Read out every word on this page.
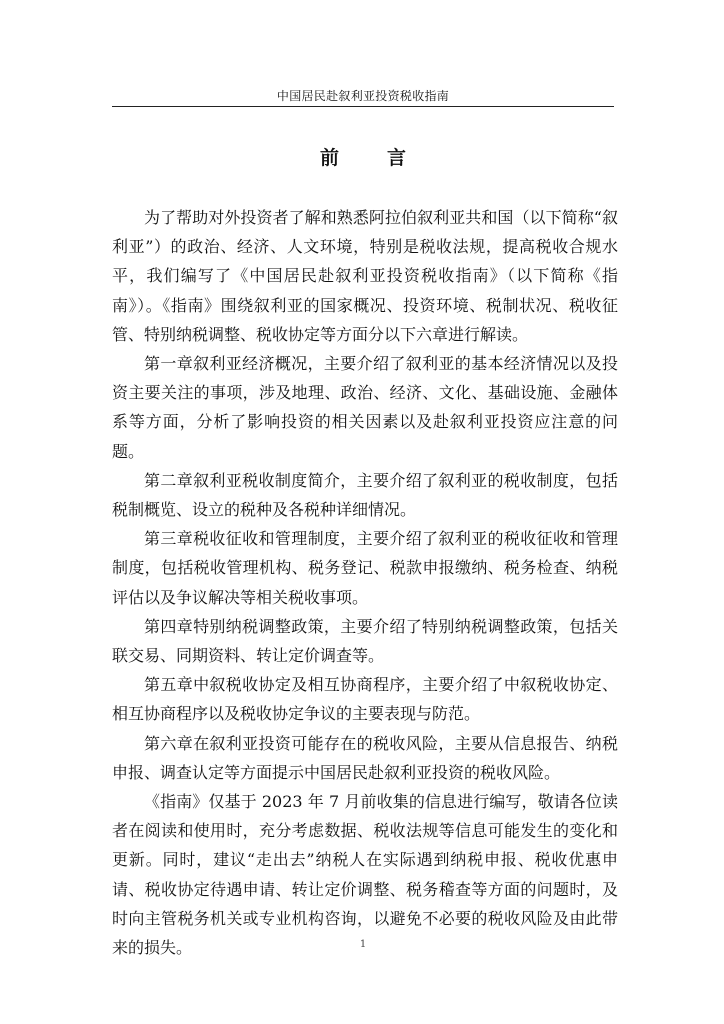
中国居民赴叙利亚投资税收指南
前言

为了帮助对外投资者了解和熟悉阿拉伯叙利亚共和国（以下简称“叙利亚”）的政治、经济、人文环境，特别是税收法规，提高税收合规水平，我们编写了《中国居民赴叙利亚投资税收指南》（以下简称《指南》）。《指南》围绕叙利亚的国家概况、投资环境、税制状况、税收征管、特别纳税调整、税收协定等方面分以下六章进行解读。

第一章叙利亚经济概况，主要介绍了叙利亚的基本经济情况以及投资主要关注的事项，涉及地理、政治、经济、文化、基础设施、金融体系等方面，分析了影响投资的相关因素以及赴叙利亚投资应注意的问题。

第二章叙利亚税收制度简介，主要介绍了叙利亚的税收制度，包括税制概览、设立的税种及各税种详细情况。

第三章税收征收和管理制度，主要介绍了叙利亚的税收征收和管理制度，包括税收管理机构、税务登记、税款申报缴纳、税务检查、纳税评估以及争议解决等相关税收事项。

第四章特别纳税调整政策，主要介绍了特别纳税调整政策，包括关联交易、同期资料、转让定价调查等。

第五章中叙税收协定及相互协商程序，主要介绍了中叙税收协定、相互协商程序以及税收协定争议的主要表现与防范。

第六章在叙利亚投资可能存在的税收风险，主要从信息报告、纳税申报、调查认定等方面提示中国居民赴叙利亚投资的税收风险。

《指南》仅基于 2023 年 7 月前收集的信息进行编写，敬请各位读者在阅读和使用时，充分考虑数据、税收法规等信息可能发生的变化和更新。同时，建议“走出去”纳税人在实际遇到纳税申报、税收优惠申请、税收协定待遇申请、转让定价调整、税务稽查等方面的问题时，及时向主管税务机关或专业机构咨询，以避免不必要的税收风险及由此带来的损失。	1
